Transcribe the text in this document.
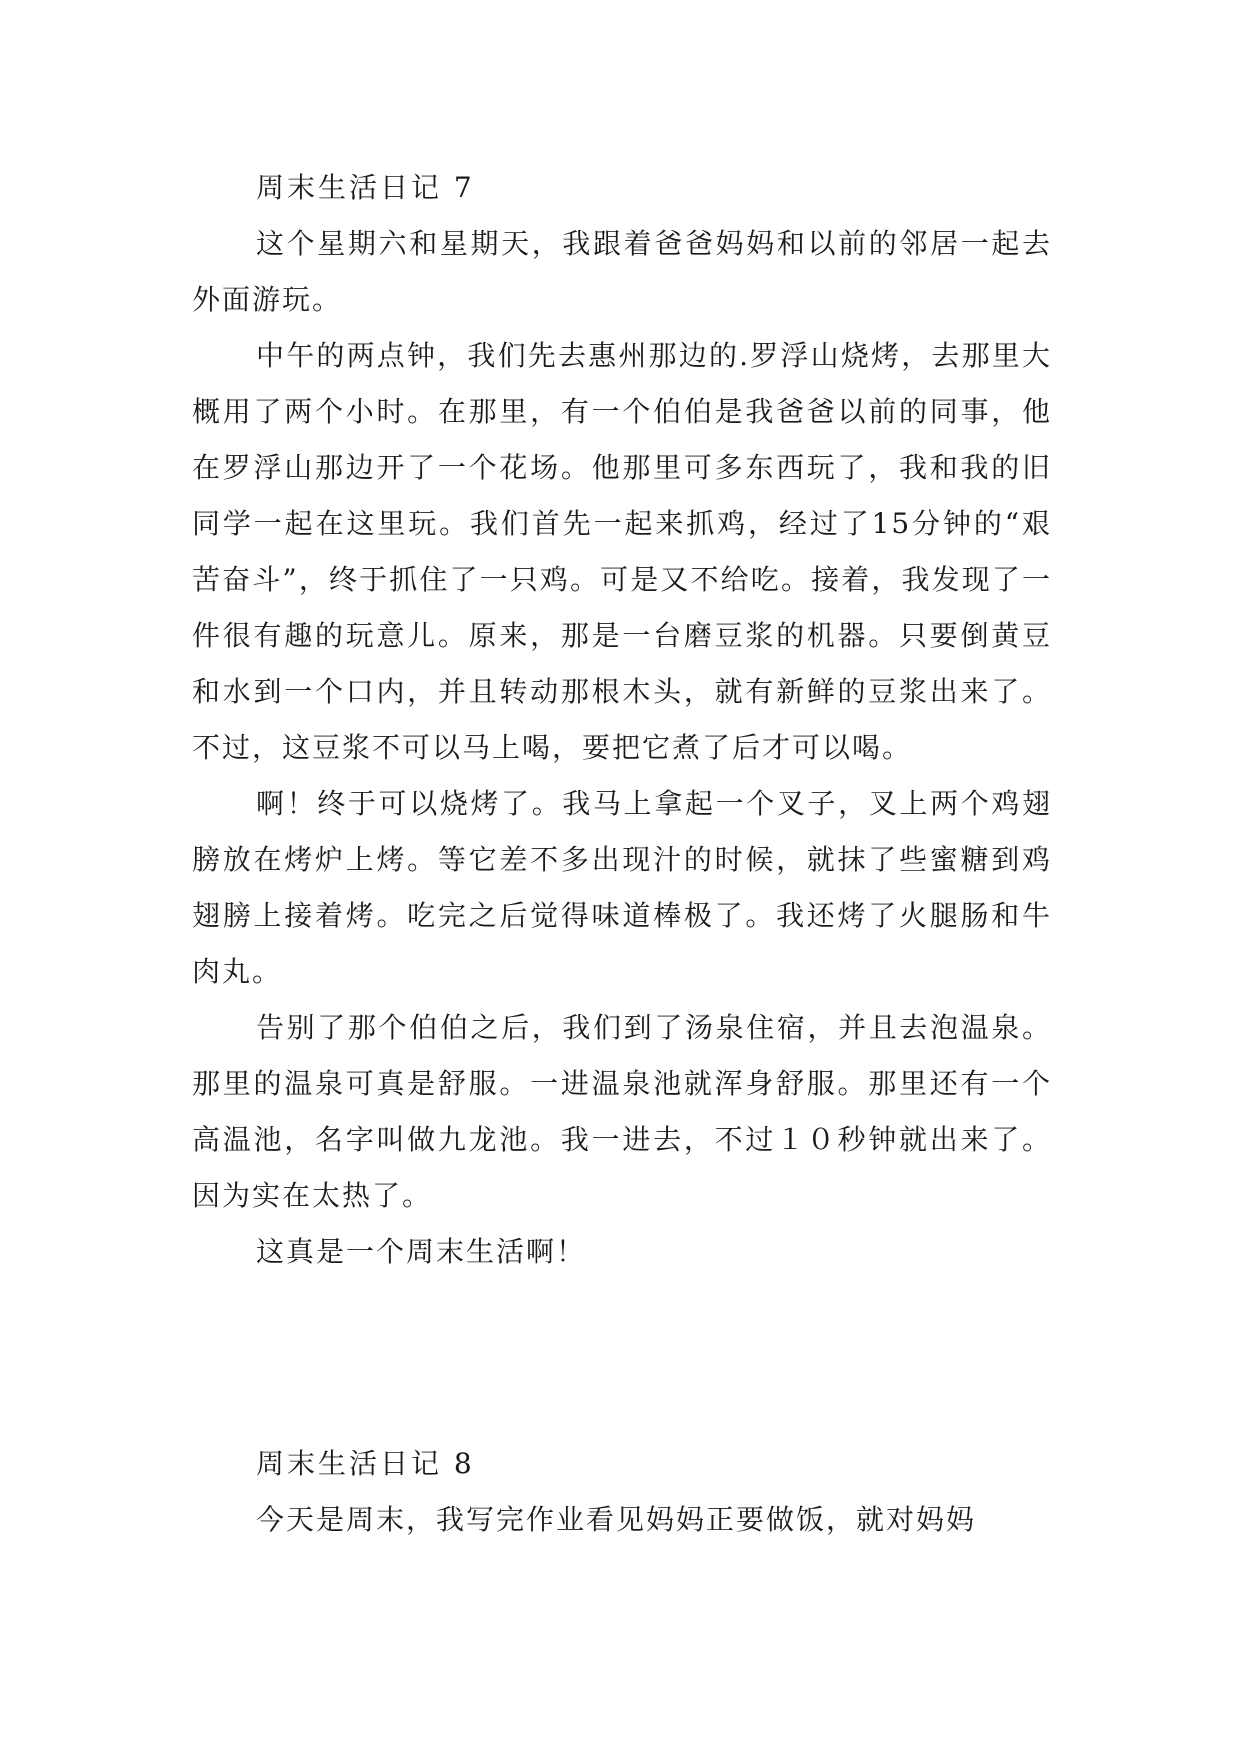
周末生活日记 7

这个星期六和星期天，我跟着爸爸妈妈和以前的邻居一起去外面游玩。

中午的两点钟，我们先去惠州那边的.罗浮山烧烤，去那里大概用了两个小时。在那里，有一个伯伯是我爸爸以前的同事，他在罗浮山那边开了一个花场。他那里可多东西玩了，我和我的旧同学一起在这里玩。我们首先一起来抓鸡，经过了15分钟的“艰苦奋斗”，终于抓住了一只鸡。可是又不给吃。接着，我发现了一件很有趣的玩意儿。原来，那是一台磨豆浆的机器。只要倒黄豆和水到一个口内，并且转动那根木头，就有新鲜的豆浆出来了。不过，这豆浆不可以马上喝，要把它煮了后才可以喝。

啊！终于可以烧烤了。我马上拿起一个叉子，叉上两个鸡翅膀放在烤炉上烤。等它差不多出现汁的时候，就抹了些蜜糖到鸡翅膀上接着烤。吃完之后觉得味道棒极了。我还烤了火腿肠和牛肉丸。

告别了那个伯伯之后，我们到了汤泉住宿，并且去泡温泉。那里的温泉可真是舒服。一进温泉池就浑身舒服。那里还有一个高温池，名字叫做九龙池。我一进去，不过１０秒钟就出来了。因为实在太热了。

这真是一个周末生活啊！

周末生活日记 8

今天是周末，我写完作业看见妈妈正要做饭，就对妈妈
